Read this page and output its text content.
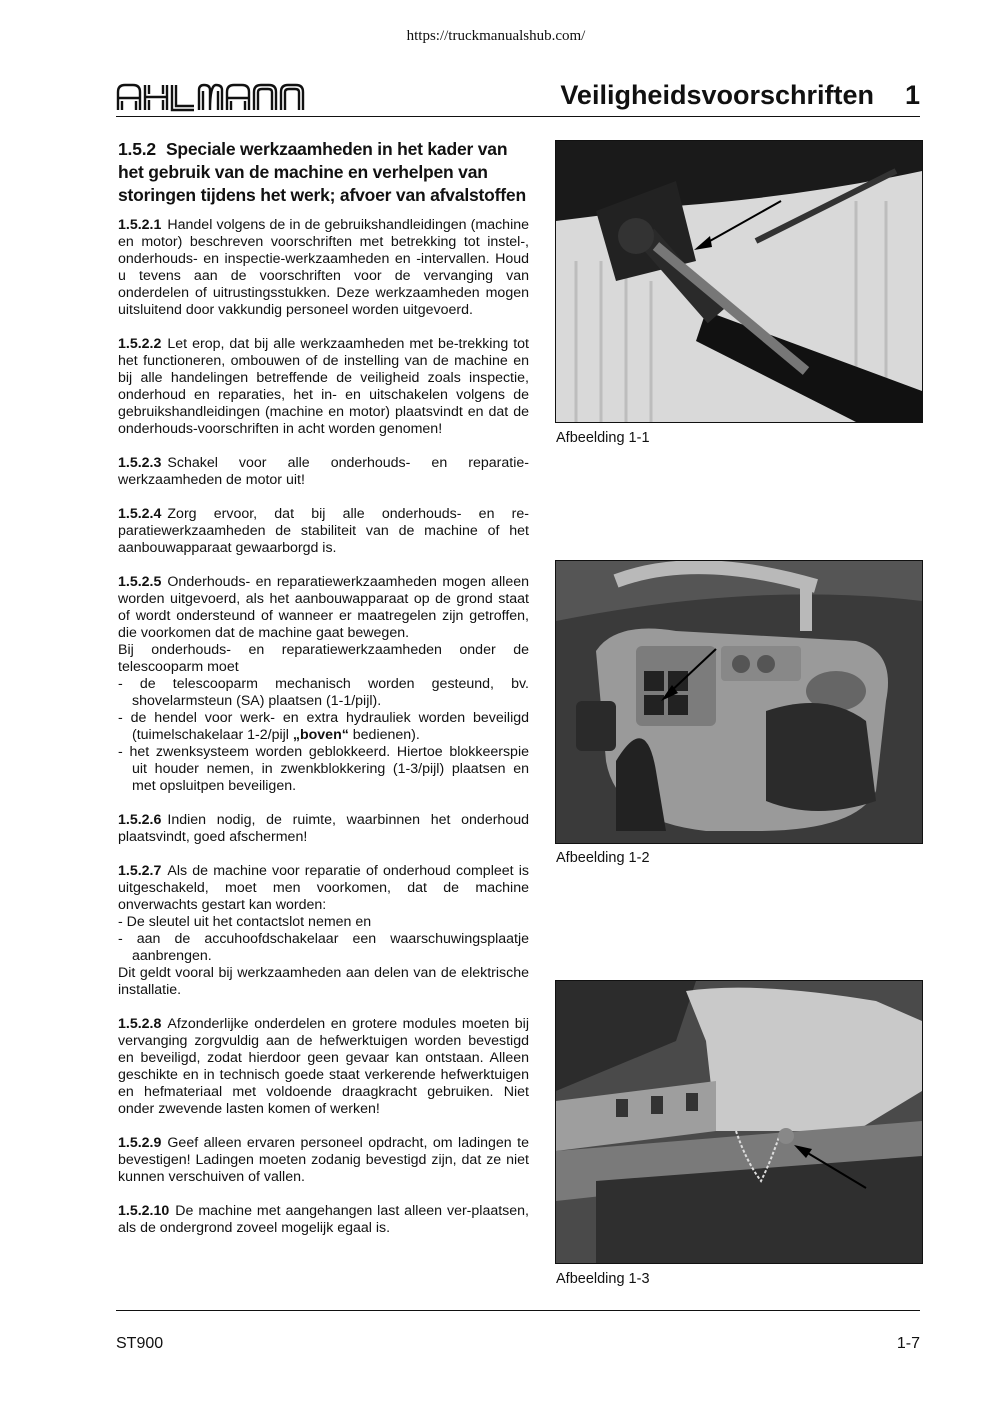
https://truckmanualshub.com/
Veiligheidsvoorschriften 1
1.5.2 Speciale werkzaamheden in het kader van
het gebruik van de machine en verhelpen van
storingen tijdens het werk; afvoer van afvalstoffen

1.5.2.1 Handel volgens de in de gebruikshandleidingen (machine en motor) beschreven voorschriften met betrekking tot instel-, onderhouds- en inspectie-werkzaamheden en -intervallen. Houd u tevens aan de voorschriften voor de vervanging van onderdelen of uitrustingsstukken. Deze werkzaamheden mogen uitsluitend door vakkundig personeel worden uitgevoerd.

1.5.2.2 Let erop, dat bij alle werkzaamheden met be-trekking tot het functioneren, ombouwen of de instelling van de machine en bij alle handelingen betreffende de veiligheid zoals inspectie, onderhoud en reparaties, het in- en uitschakelen volgens de gebruikshandleidingen (machine en motor) plaatsvindt en dat de onderhouds-voorschriften in acht worden genomen!

1.5.2.3 Schakel voor alle onderhouds- en reparatie-werkzaamheden de motor uit!

1.5.2.4 Zorg ervoor, dat bij alle onderhouds- en re-paratiewerkzaamheden de stabiliteit van de machine of het aanbouwapparaat gewaarborgd is.

1.5.2.5 Onderhouds- en reparatiewerkzaamheden mogen alleen worden uitgevoerd, als het aanbouwapparaat op de grond staat of wordt ondersteund of wanneer er maatregelen zijn getroffen, die voorkomen dat de machine gaat bewegen.
Bij onderhouds- en reparatiewerkzaamheden onder de telescooparm moet
- de telescooparm mechanisch worden gesteund, bv. shovelarmsteun (SA) plaatsen (1-1/pijl).
- de hendel voor werk- en extra hydrauliek worden beveiligd (tuimelschakelaar 1-2/pijl „boven“ bedienen).
- het zwenksysteem worden geblokkeerd. Hiertoe blokkeerspie uit houder nemen, in zwenkblokkering (1-3/pijl) plaatsen en met opsluitpen beveiligen.

1.5.2.6 Indien nodig, de ruimte, waarbinnen het onderhoud plaatsvindt, goed afschermen!

1.5.2.7 Als de machine voor reparatie of onderhoud compleet is uitgeschakeld, moet men voorkomen, dat de machine onverwachts gestart kan worden:
- De sleutel uit het contactslot nemen en
- aan de accuhoofdschakelaar een waarschuwingsplaatje aanbrengen.
Dit geldt vooral bij werkzaamheden aan delen van de elektrische installatie.

1.5.2.8 Afzonderlijke onderdelen en grotere modules moeten bij vervanging zorgvuldig aan de hefwerktuigen worden bevestigd en beveiligd, zodat hierdoor geen gevaar kan ontstaan. Alleen geschikte en in technisch goede staat verkerende hefwerktuigen en hefmateriaal met voldoende draagkracht gebruiken. Niet onder zwevende lasten komen of werken!

1.5.2.9 Geef alleen ervaren personeel opdracht, om ladingen te bevestigen! Ladingen moeten zodanig bevestigd zijn, dat ze niet kunnen verschuiven of vallen.

1.5.2.10 De machine met aangehangen last alleen ver-plaatsen, als de ondergrond zoveel mogelijk egaal is.

Afbeelding 1-1
Afbeelding 1-2
Afbeelding 1-3
ST900	1-7
